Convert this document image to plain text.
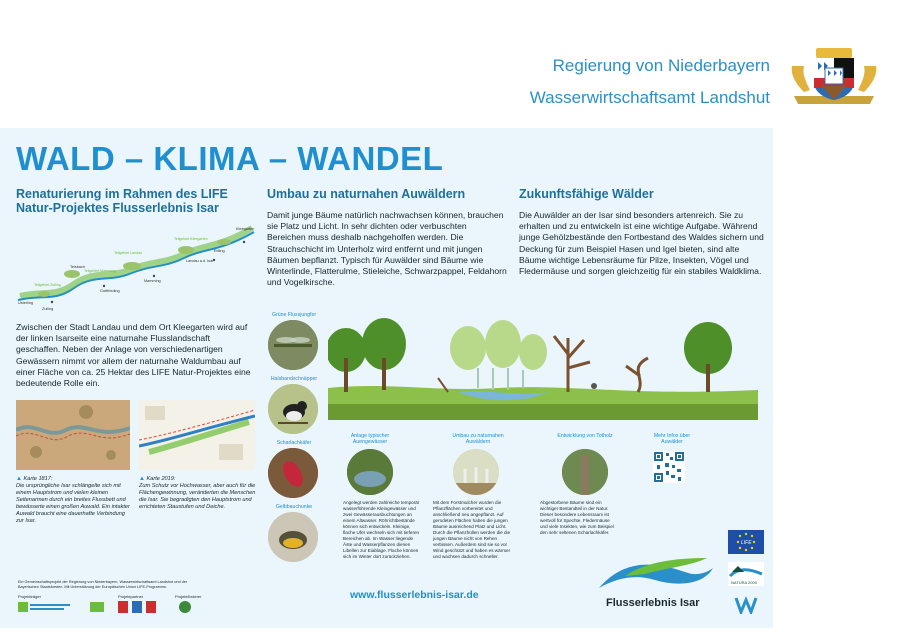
Regierung von Niederbayern
Wasserwirtschaftsamt Landshut
WALD – KLIMA – WANDEL
Renaturierung im Rahmen des LIFE
Natur-Projektes Flusserlebnis Isar
Teilgebiet Landau
Teilgebiet Kleegarten
Teilgebiet Zulling
Teilgebiet Mamming
Landau a.d. Isar
Kleegarten
Zulling
Ettling
Mamming
Gottfrieding
Usterling
Teisbach
Zwischen der Stadt Landau und dem Ort Kleegarten wird auf der linken Isarseite eine naturnahe Flusslandschaft geschaffen. Neben der Anlage von verschiedenartigen Gewässern nimmt vor allem der naturnahe Waldumbau auf einer Fläche von ca. 25 Hektar des LIFE Natur-Projektes eine bedeutende Rolle ein.
▲ Karte 1817:
Die ursprüngliche Isar schlängelte sich mit einem Hauptstrom und vielen kleinen Seitenarmen durch ein breites Flussbett und bewässerte einen großen Auwald. Ein intakter Auwald braucht eine dauerhafte Verbindung zur Isar.
▲ Karte 2019:
Zum Schutz vor Hochwasser, aber auch für die Flächengewinnung, veränderten die Menschen die Isar. Sie begradigten den Hauptstrom und errichteten Staustufen und Deiche.
Umbau zu naturnahen Auwäldern
Damit junge Bäume natürlich nachwachsen können, brauchen sie Platz und Licht. In sehr dichten oder verbuschten Bereichen muss deshalb nachgeholfen werden. Die Strauchschicht im Unterholz wird entfernt und mit jungen Bäumen bepflanzt. Typisch für Auwälder sind Bäume wie Winterlinde, Flatterulme, Stieleiche, Schwarzpappel, Feldahorn und Vogelkirsche.
Zukunftsfähige Wälder
Die Auwälder an der Isar sind besonders artenreich. Sie zu erhalten und zu entwickeln ist eine wichtige Aufgabe. Während junge Gehölzbestände den Fortbestand des Waldes sichern und Deckung für zum Beispiel Hasen und Igel bieten, sind alte Bäume wichtige Lebensräume für Pilze, Insekten, Vögel und Fledermäuse und sorgen gleichzeitig für ein stabiles Waldklima.
Grüne Flussjungfer
Halsbandschnäpper
Scharlachkäfer
Gelbbauchunke
Anlage typischer Auengewässer
Umbau zu naturnahen Auwäldern
Entwicklung von Totholz	Mehr Infos über Auwälder
Angelegt werden zahlreiche temporär wasserführende Kleingewässer und zwei Gewässerausbuchtungen an einem Altwasser. Röhrichtbestände können sich entwickeln. Kleinige, flache Ufer wechseln sich mit tieferen Bereichen ab. Im Wasser liegende Äste und Wasserpflanzen dienen Libellen zur Eiablage. Flache können sich im Winter dort zurückziehen.
Mit dem Forstmulcher wurden die Pflanzflächen vorbereitet und anschließend neu angepflanzt. Auf gerodeten Flächen haben die jungen Bäume ausreichend Platz und Licht. Durch die Pflanzhüllen werden die die jungen Bäume nicht von Rehen verbissen. Außerdem sind sie so vor Wind geschützt und haben es wärmer und wachsen dadurch schneller.
Abgestorbene Bäume sind ein wichtiger Bestandteil in der Natur. Dieser besondere Lebensraum ist wertvoll für Spechte, Fledermäuse und viele Insekten, wie zum Beispiel den sehr seltenen Scharlachkäfer.
www.flusserlebnis-isar.de
Flusserlebnis Isar
LIFE
NATURA 2000
Ein Gemeinschaftsprojekt der Regierung von Niederbayern, Wasserwirtschaftsamt Landshut und der Bayerischen Staatsforsten. Mit Unterstützung der Europäischen Union LIFE-Programms.
Projektträger	Projektpartner	Projektförderer
